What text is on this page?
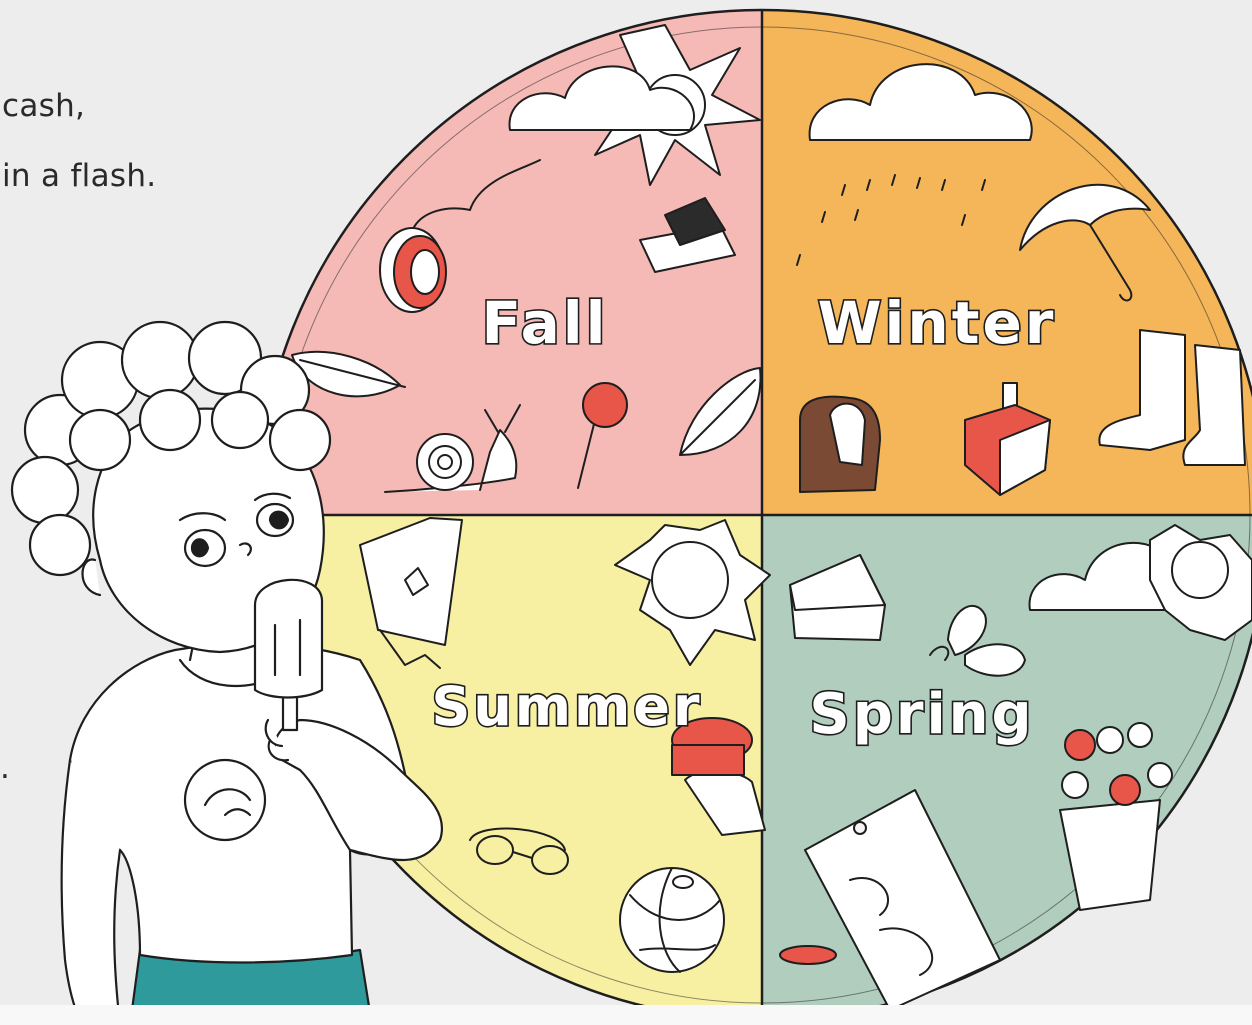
cash,
in a flash.
.
Fall	Winter
Summer Spring
